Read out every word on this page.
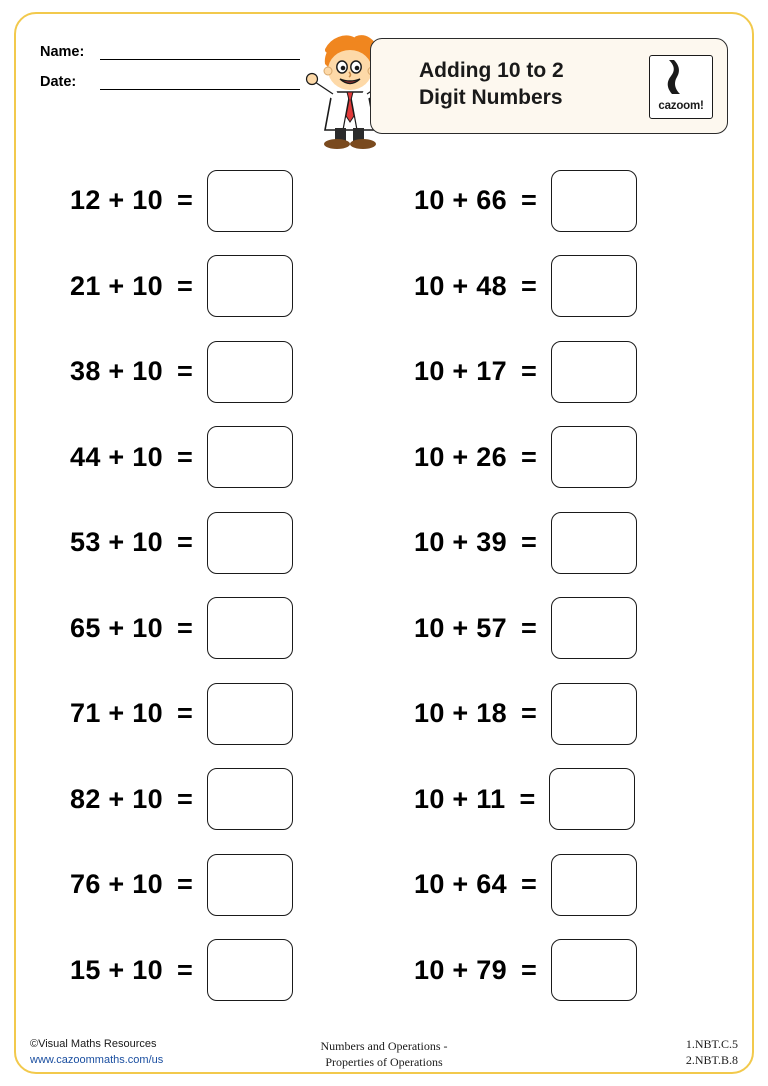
Name:
Date:	Adding 10 to 2
Digit Numbers	cazoom!
12 + 10 =	10 + 66 =
21 + 10 =	10 + 48 =
38 + 10 =	10 + 17 =
44 + 10 =	10 + 26 =
53 + 10 =	10 + 39 =
65 + 10 =	10 + 57 =
71 + 10 =	10 + 18 =
82 + 10 =	10 + 11 =
76 + 10 =	10 + 64 =
15 + 10 =	10 + 79 =
©Visual Maths Resources
www.cazoommaths.com/us
Numbers and Operations -
Properties of Operations
1.NBT.C.5
2.NBT.B.8
